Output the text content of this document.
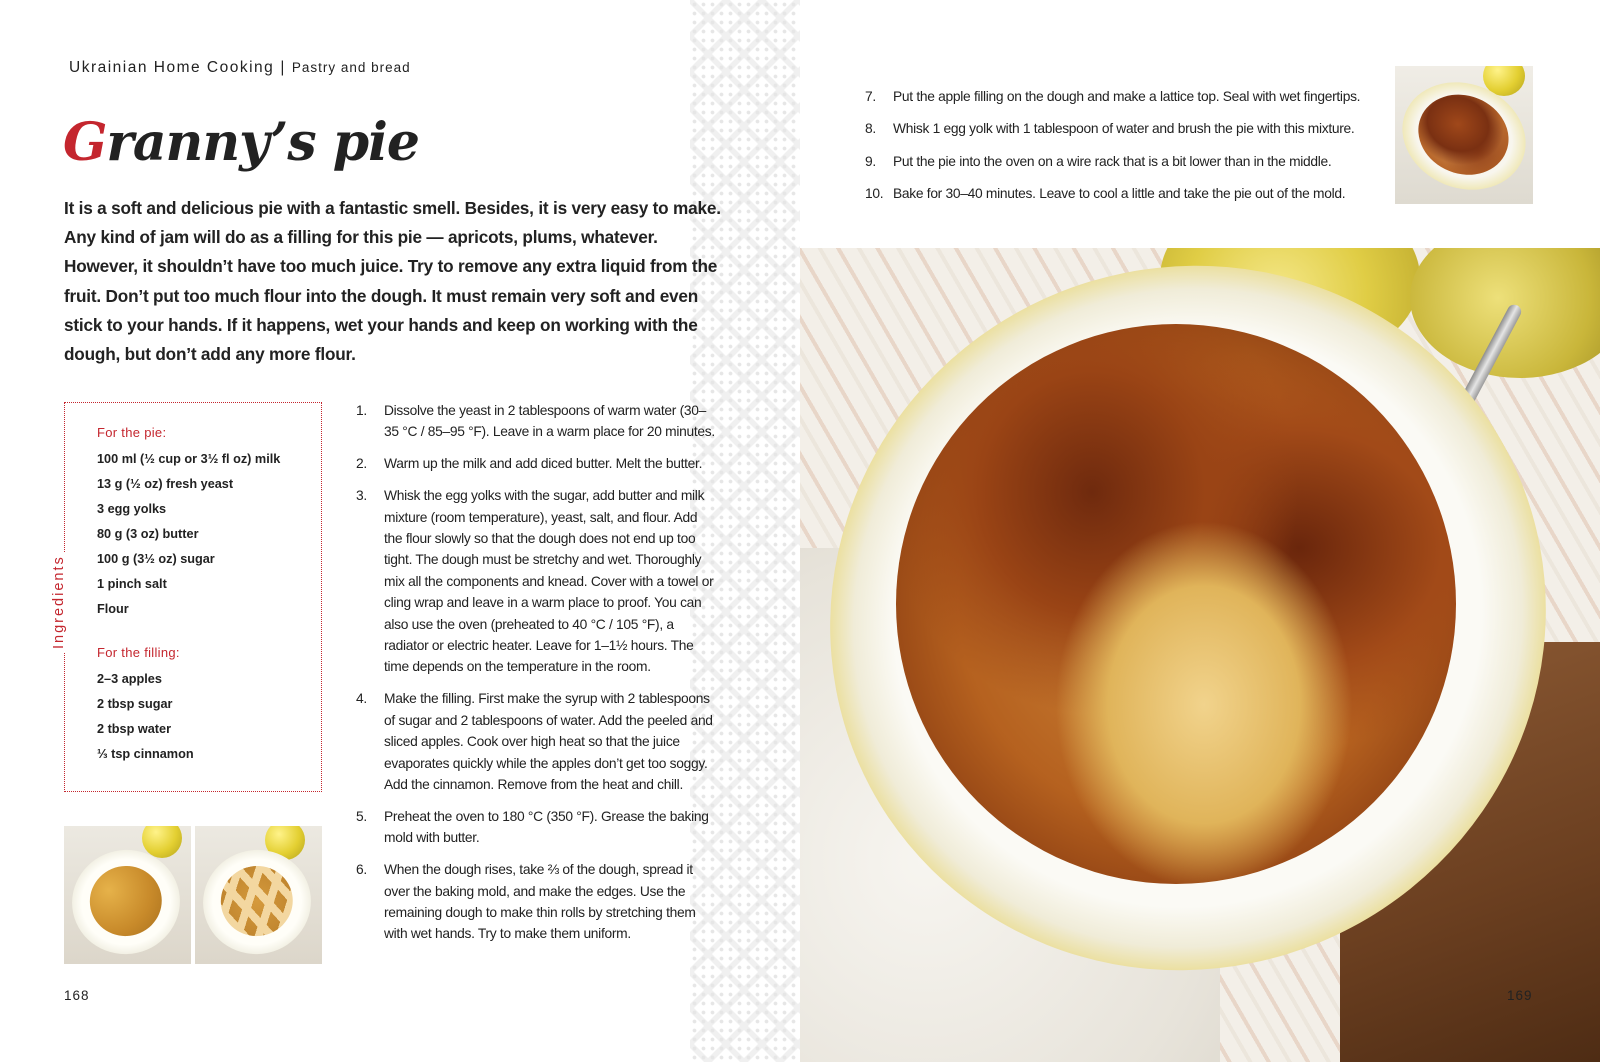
Ukrainian Home Cooking | Pastry and bread
Granny’s pie

It is a soft and delicious pie with a fantastic smell. Besides, it is very easy to make. Any kind of jam will do as a filling for this pie — apricots, plums, whatever. However, it shouldn’t have too much juice. Try to remove any extra liquid from the fruit. Don’t put too much flour into the dough. It must remain very soft and even stick to your hands. If it happens, wet your hands and keep on working with the dough, but don’t add any more flour.

Ingredients
For the pie:
100 ml (½ cup or 3½ fl oz) milk
13 g (½ oz) fresh yeast
3 egg yolks
80 g (3 oz) butter
100 g (3½ oz) sugar
1 pinch salt
Flour
For the filling:
2–3 apples
2 tbsp sugar
2 tbsp water
⅓ tsp cinnamon
1. Dissolve the yeast in 2 tablespoons of warm water (30–35 °C / 85–95 °F). Leave in a warm place for 20 minutes.
2. Warm up the milk and add diced butter. Melt the butter.
3. Whisk the egg yolks with the sugar, add butter and milk mixture (room temperature), yeast, salt, and flour. Add the flour slowly so that the dough does not end up too tight. The dough must be stretchy and wet. Thoroughly mix all the components and knead. Cover with a towel or cling wrap and leave in a warm place to proof. You can also use the oven (preheated to 40 °C / 105 °F), a radiator or electric heater. Leave for 1–1½ hours. The time depends on the temperature in the room.
4. Make the filling. First make the syrup with 2 tablespoons of sugar and 2 tablespoons of water. Add the peeled and sliced apples. Cook over high heat so that the juice evaporates quickly while the apples don’t get too soggy. Add the cinnamon. Remove from the heat and chill.
5. Preheat the oven to 180 °C (350 °F). Grease the baking mold with butter.
6. When the dough rises, take ⅔ of the dough, spread it over the baking mold, and make the edges. Use the remaining dough to make thin rolls by stretching them with wet hands. Try to make them uniform.
168
7. Put the apple filling on the dough and make a lattice top. Seal with wet fingertips.
8. Whisk 1 egg yolk with 1 tablespoon of water and brush the pie with this mixture.
9. Put the pie into the oven on a wire rack that is a bit lower than in the middle.
10. Bake for 30–40 minutes. Leave to cool a little and take the pie out of the mold.
169
